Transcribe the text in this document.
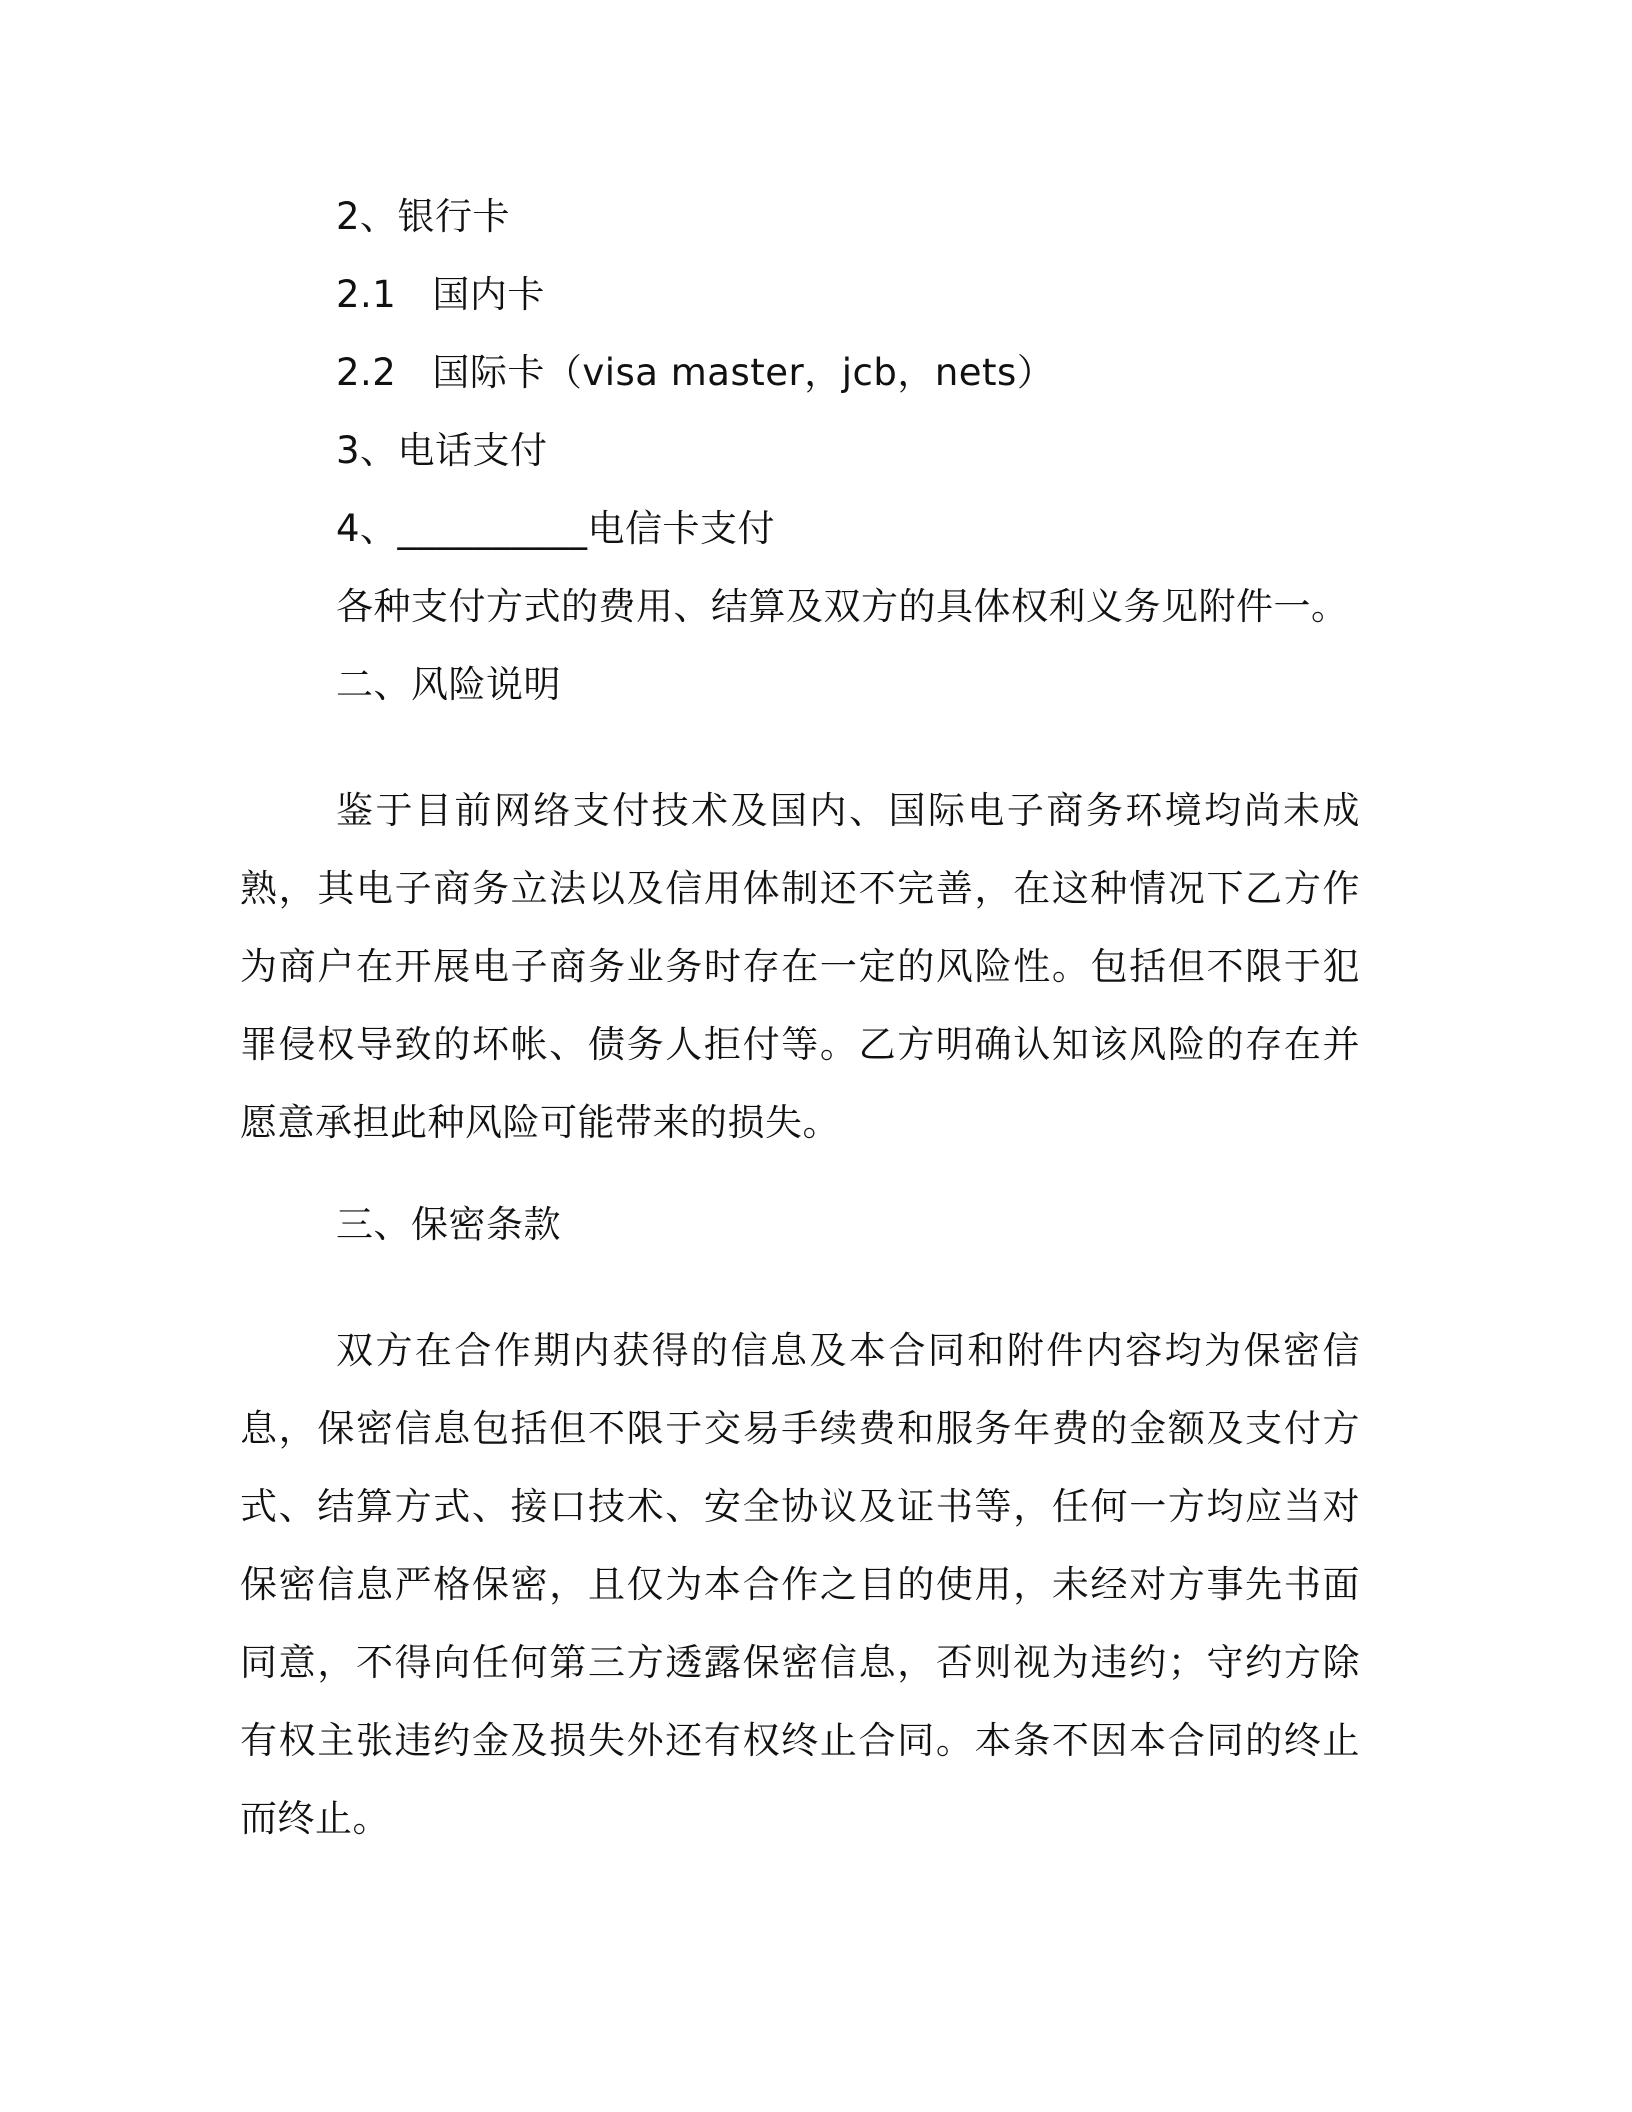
2、银行卡

2.1 国内卡

2.2 国际卡（visa master，jcb，nets）

3、电话支付

4、__________电信卡支付

各种支付方式的费用、结算及双方的具体权利义务见附件一。

二、风险说明

鉴于目前网络支付技术及国内、国际电子商务环境均尚未成熟，其电子商务立法以及信用体制还不完善，在这种情况下乙方作为商户在开展电子商务业务时存在一定的风险性。包括但不限于犯罪侵权导致的坏帐、债务人拒付等。乙方明确认知该风险的存在并愿意承担此种风险可能带来的损失。

三、保密条款

双方在合作期内获得的信息及本合同和附件内容均为保密信息，保密信息包括但不限于交易手续费和服务年费的金额及支付方式、结算方式、接口技术、安全协议及证书等，任何一方均应当对保密信息严格保密，且仅为本合作之目的使用，未经对方事先书面同意，不得向任何第三方透露保密信息，否则视为违约；守约方除有权主张违约金及损失外还有权终止合同。本条不因本合同的终止而终止。
